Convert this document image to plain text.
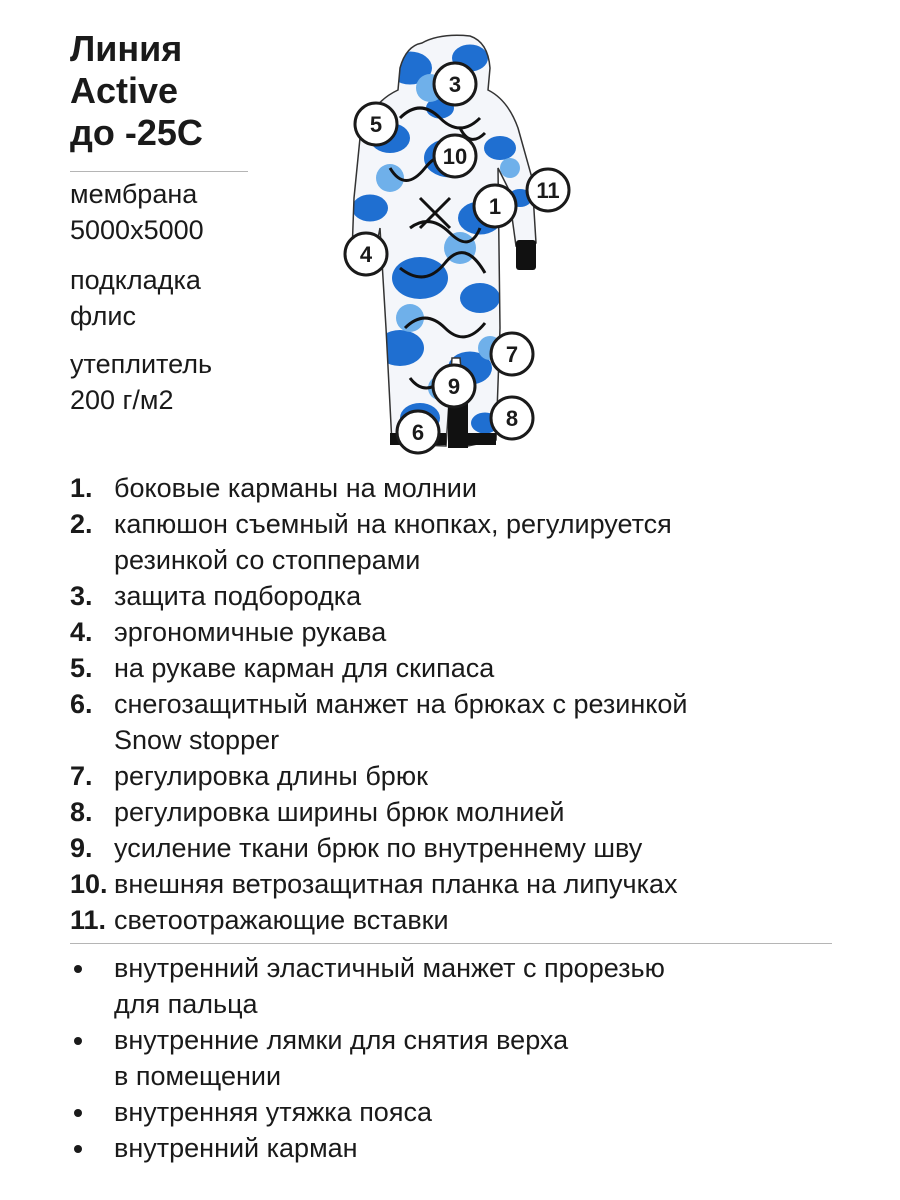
Линия
Active
до -25С
мембрана
5000х5000
подкладка
флис
утеплитель
200 г/м2
1
3
4
5
6
7
8
9
10
11
1. боковые карманы на молнии
2. капюшон съемный на кнопках, регулируется
резинкой со стопперами
3. защита подбородка
4. эргономичные рукава
5. на рукаве карман для скипаса
6. снегозащитный манжет на брюках с резинкой
Snow stopper
7. регулировка длины брюк
8. регулировка ширины брюк молнией
9. усиление ткани брюк по внутреннему шву
10. внешняя ветрозащитная планка на липучках
11. светоотражающие вставки
внутренний эластичный манжет с прорезью
для пальца
внутренние лямки для снятия верха
в помещении
внутренняя утяжка пояса
внутренний карман
